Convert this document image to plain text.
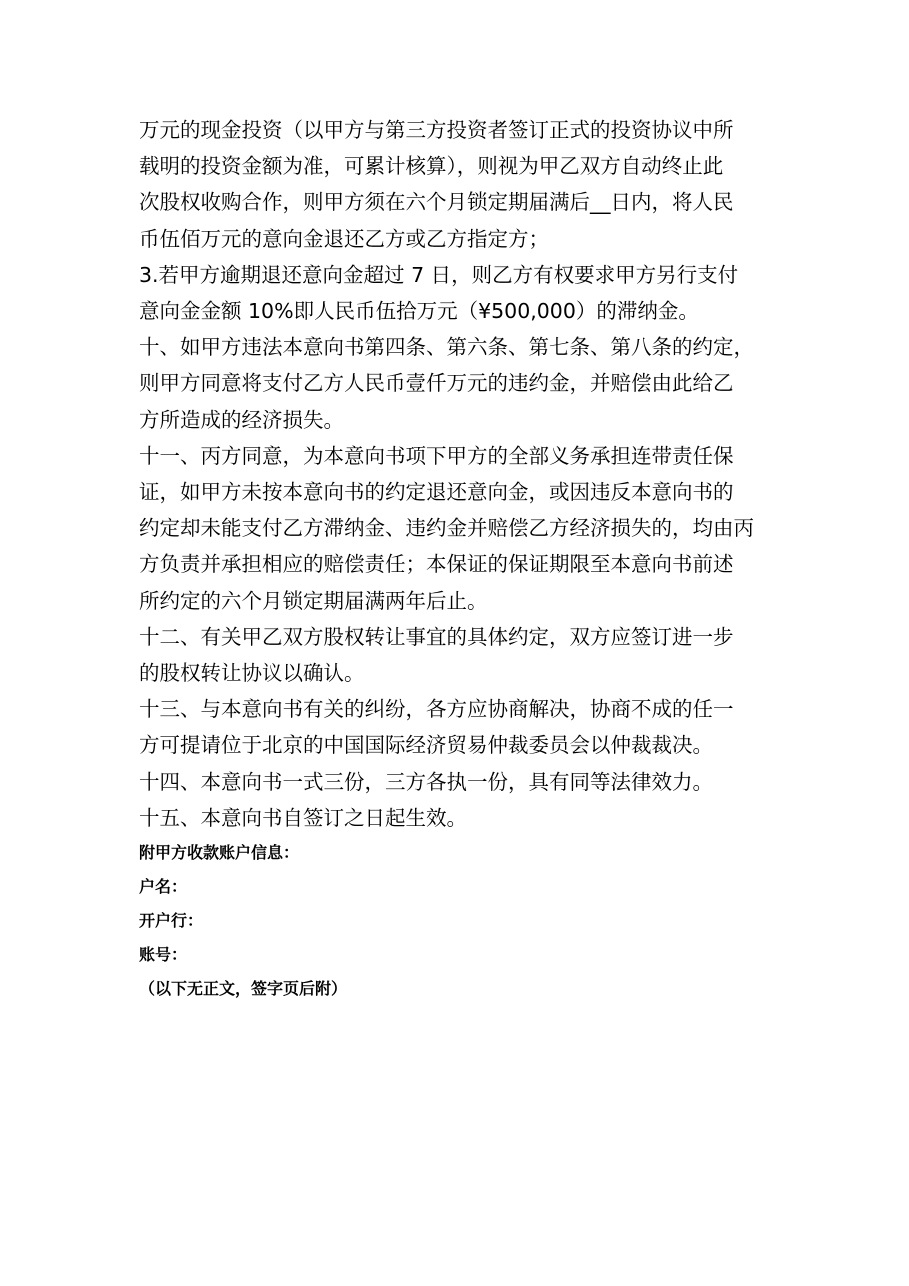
万元的现金投资（以甲方与第三方投资者签订正式的投资协议中所
载明的投资金额为准，可累计核算），则视为甲乙双方自动终止此
次股权收购合作，则甲方须在六个月锁定期届满后__日内，将人民
币伍佰万元的意向金退还乙方或乙方指定方；

3.若甲方逾期退还意向金超过 7 日，则乙方有权要求甲方另行支付
意向金金额 10%即人民币伍拾万元（¥500,000）的滞纳金。

十、如甲方违法本意向书第四条、第六条、第七条、第八条的约定，
则甲方同意将支付乙方人民币壹仟万元的违约金，并赔偿由此给乙
方所造成的经济损失。

十一、丙方同意，为本意向书项下甲方的全部义务承担连带责任保
证，如甲方未按本意向书的约定退还意向金，或因违反本意向书的
约定却未能支付乙方滞纳金、违约金并赔偿乙方经济损失的，均由丙
方负责并承担相应的赔偿责任；本保证的保证期限至本意向书前述
所约定的六个月锁定期届满两年后止。

十二、有关甲乙双方股权转让事宜的具体约定，双方应签订进一步
的股权转让协议以确认。

十三、与本意向书有关的纠纷，各方应协商解决，协商不成的任一
方可提请位于北京的中国国际经济贸易仲裁委员会以仲裁裁决。

十四、本意向书一式三份，三方各执一份，具有同等法律效力。

十五、本意向书自签订之日起生效。

附甲方收款账户信息：

户名：

开户行：

账号：

（以下无正文，签字页后附）
